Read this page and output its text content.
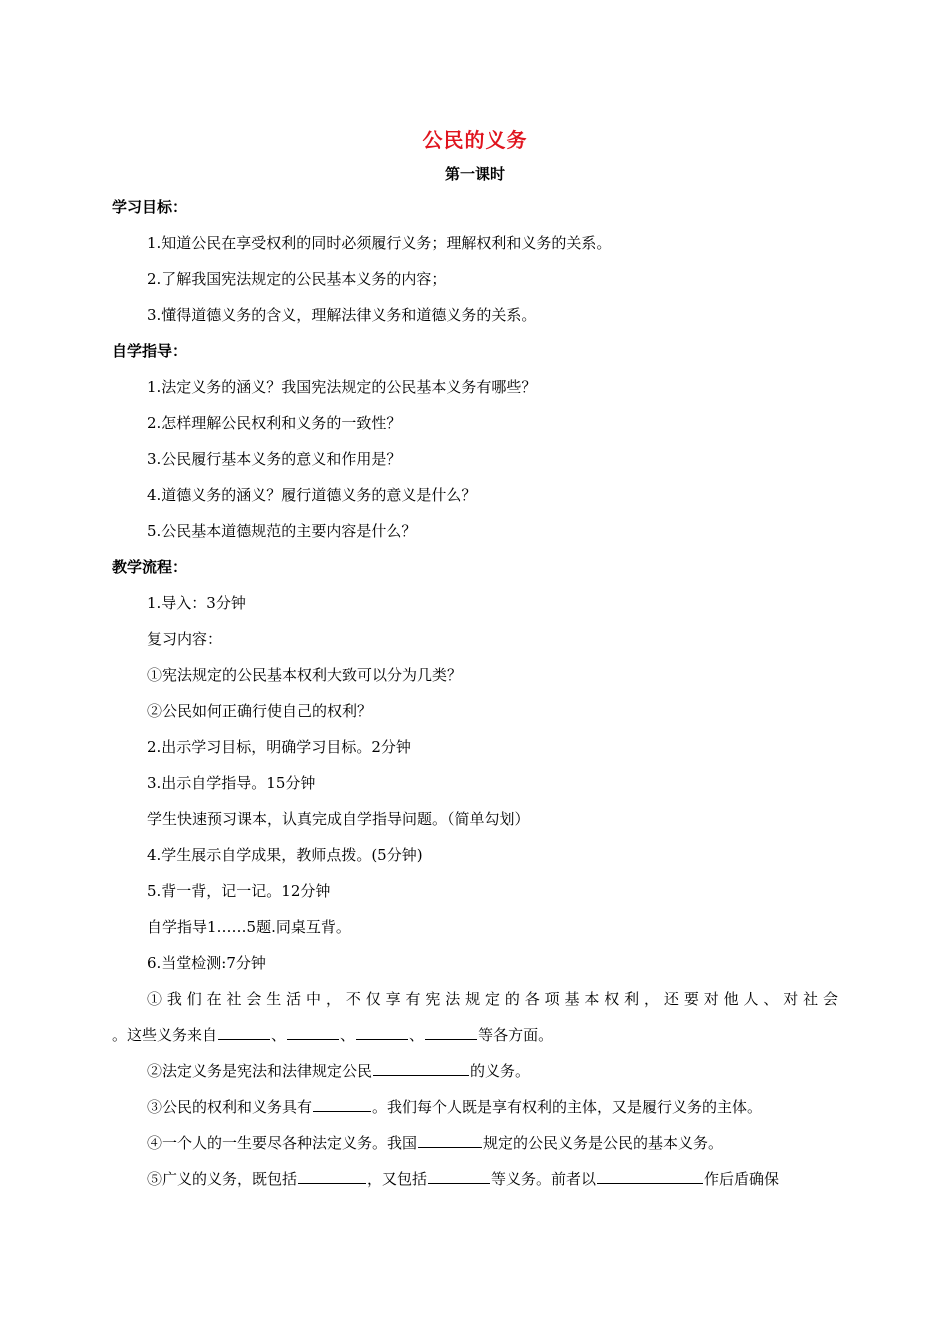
公民的义务
第一课时
学习目标：
1.知道公民在享受权利的同时必须履行义务；理解权利和义务的关系。
2.了解我国宪法规定的公民基本义务的内容；
3.懂得道德义务的含义，理解法律义务和道德义务的关系。
自学指导：
1.法定义务的涵义？我国宪法规定的公民基本义务有哪些？
2.怎样理解公民权利和义务的一致性？
3.公民履行基本义务的意义和作用是？
4.道德义务的涵义？履行道德义务的意义是什么？
5.公民基本道德规范的主要内容是什么？
教学流程：
1.导入：3分钟
复习内容：
①宪法规定的公民基本权利大致可以分为几类？
②公民如何正确行使自己的权利？
2.出示学习目标，明确学习目标。2分钟
3.出示自学指导。15分钟
学生快速预习课本，认真完成自学指导问题。（简单勾划）
4.学生展示自学成果，教师点拨。(5分钟)
5.背一背，记一记。12分钟
自学指导1……5题.同桌互背。
6.当堂检测:7分钟
①我们在社会生活中，不仅享有宪法规定的各项基本权利，还要对他人、对社会
。这些义务来自	、	、	、	等各方面。
②法定义务是宪法和法律规定公民	的义务。
③公民的权利和义务具有	。我们每个人既是享有权利的主体，又是履行义务的主体。
④一个人的一生要尽各种法定义务。我国	规定的公民义务是公民的基本义务。
⑤广义的义务，既包括	，又包括	等义务。前者以	作后盾确保
